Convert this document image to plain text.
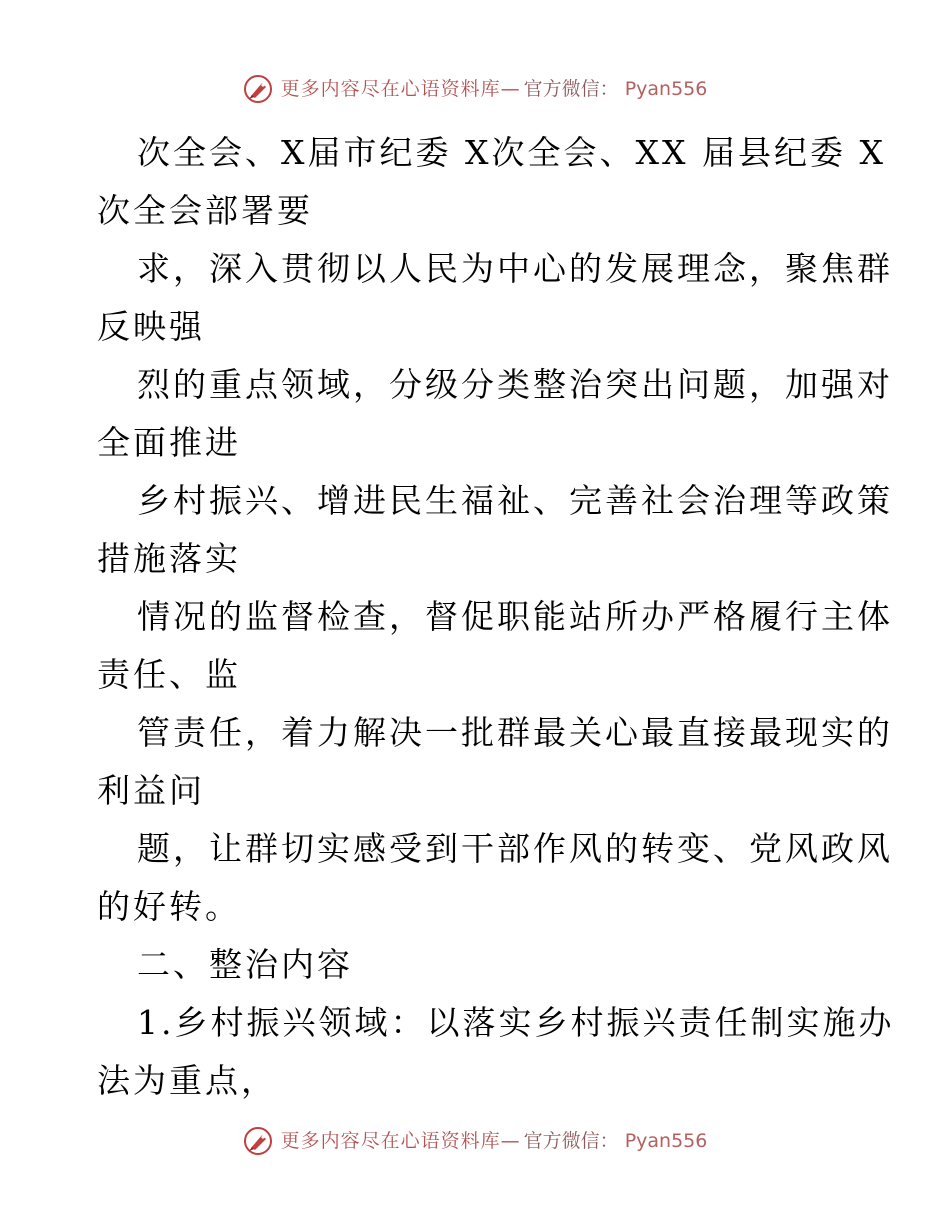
更多内容尽在心语资料库 — 官方微信： Pyan556
次全会、X届市纪委 X次全会、XX 届县纪委 X
次全会部署要
求，深入贯彻以人民为中心的发展理念，聚焦群
反映强
烈的重点领域，分级分类整治突出问题，加强对
全面推进
乡村振兴、增进民生福祉、完善社会治理等政策
措施落实
情况的监督检查，督促职能站所办严格履行主体
责任、监
管责任，着力解决一批群最关心最直接最现实的
利益问
题，让群切实感受到干部作风的转变、党风政风
的好转。
二、整治内容
1.乡村振兴领域：以落实乡村振兴责任制实施办
法为重点，
更多内容尽在心语资料库 — 官方微信： Pyan556
